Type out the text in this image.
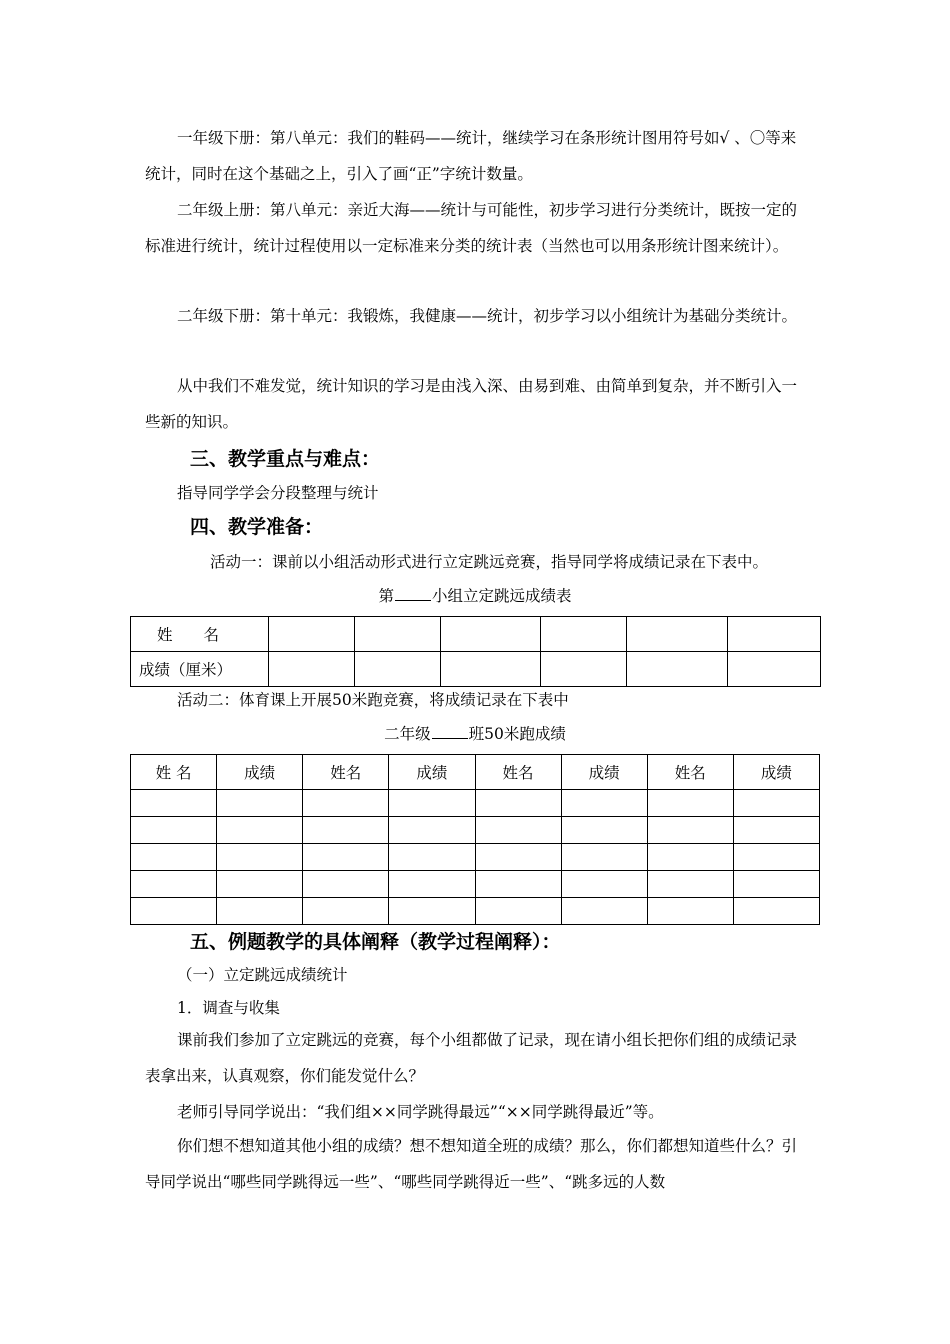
一年级下册：第八单元：我们的鞋码——统计，继续学习在条形统计图用符号如√ 、〇等来统计，同时在这个基础之上，引入了画“正”字统计数量。

二年级上册：第八单元：亲近大海——统计与可能性，初步学习进行分类统计，既按一定的标准进行统计，统计过程使用以一定标准来分类的统计表（当然也可以用条形统计图来统计）。

二年级下册：第十单元：我锻炼，我健康——统计，初步学习以小组统计为基础分类统计。

从中我们不难发觉，统计知识的学习是由浅入深、由易到难、由简单到复杂，并不断引入一些新的知识。

三、教学重点与难点：
指导同学学会分段整理与统计
四、教学准备：
活动一：课前以小组活动形式进行立定跳远竞赛，指导同学将成绩记录在下表中。
第 小组立定跳远成绩表
姓　　名						
成绩（厘米）						
活动二：体育课上开展50米跑竞赛，将成绩记录在下表中
二年级 班50米跑成绩
姓 名	成绩	姓名	成绩	姓名	成绩	姓名	成绩

五、例题教学的具体阐释（教学过程阐释）：
（一）立定跳远成绩统计
1．调查与收集

课前我们参加了立定跳远的竞赛，每个小组都做了记录，现在请小组长把你们组的成绩记录表拿出来，认真观察，你们能发觉什么？

老师引导同学说出：“我们组××同学跳得最远”“××同学跳得最近”等。

你们想不想知道其他小组的成绩？想不想知道全班的成绩？那么，你们都想知道些什么？引导同学说出“哪些同学跳得远一些”、“哪些同学跳得近一些”、“跳多远的人数
